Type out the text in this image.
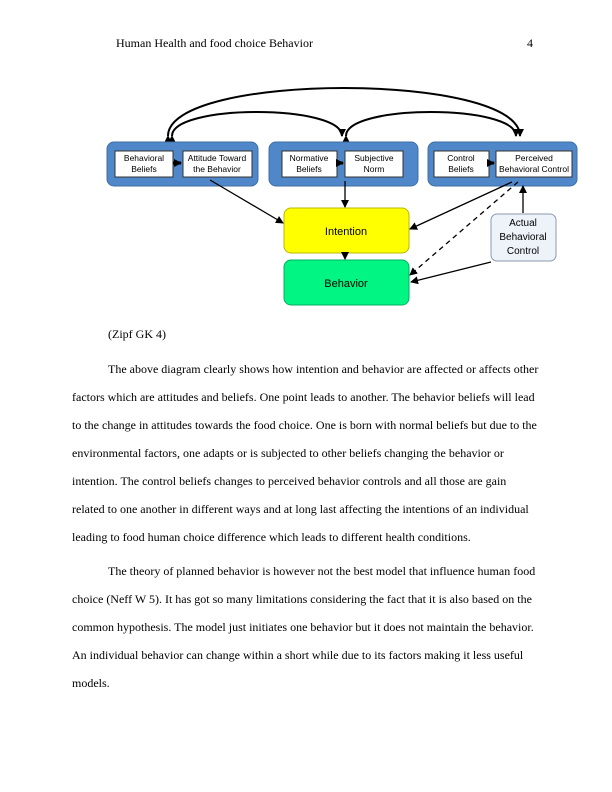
Human Health and food choice Behavior	4
Behavioral
Beliefs
Attitude Toward
the Behavior
Normative
Beliefs
Subjective
Norm
Control
Beliefs
Perceived
Behavioral Control
Intention
Behavior
Actual
Behavioral
Control
(Zipf GK 4)
The above diagram clearly shows how intention and behavior are affected or affects other
factors which are attitudes and beliefs. One point leads to another. The behavior beliefs will lead
to the change in attitudes towards the food choice. One is born with normal beliefs but due to the
environmental factors, one adapts or is subjected to other beliefs changing the behavior or
intention. The control beliefs changes to perceived behavior controls and all those are gain
related to one another in different ways and at long last affecting the intentions of an individual
leading to food human choice difference which leads to different health conditions.
The theory of planned behavior is however not the best model that influence human food
choice (Neff W 5). It has got so many limitations considering the fact that it is also based on the
common hypothesis. The model just initiates one behavior but it does not maintain the behavior.
An individual behavior can change within a short while due to its factors making it less useful
models.
